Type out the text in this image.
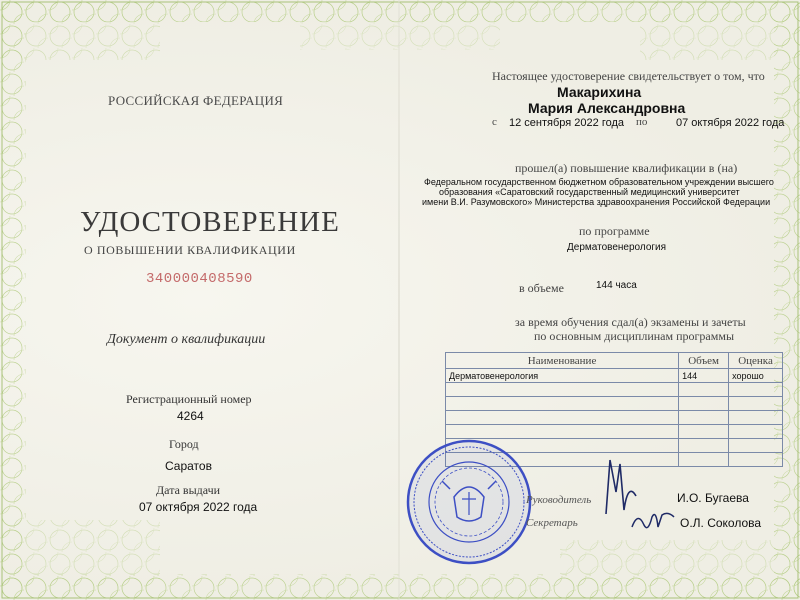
РОССИЙСКАЯ ФЕДЕРАЦИЯ
УДОСТОВЕРЕНИЕ
О ПОВЫШЕНИИ КВАЛИФИКАЦИИ
340000408590
Документ о квалификации
Регистрационный номер
4264
Город
Саратов
Дата выдачи
07 октября 2022 года
Настоящее удостоверение свидетельствует о том, что
Макарихина
Мария Александровна
с 12 сентября 2022 года по	07 октября 2022 года
прошел(а) повышение квалификации в (на)
Федеральном государственном бюджетном образовательном учреждении высшего
образования «Саратовский государственный медицинский университет
имени В.И. Разумовского» Министерства здравоохранения Российской Федерации
по программе
Дерматовенерология
в объеме	144 часа
за время обучения сдал(а) экзамены и зачеты
по основным дисциплинам программы
Наименование	Объем	Оценка
Дерматовенерология	144	хорошо

Руководитель	И.О. Бугаева
Секретарь	О.Л. Соколова
